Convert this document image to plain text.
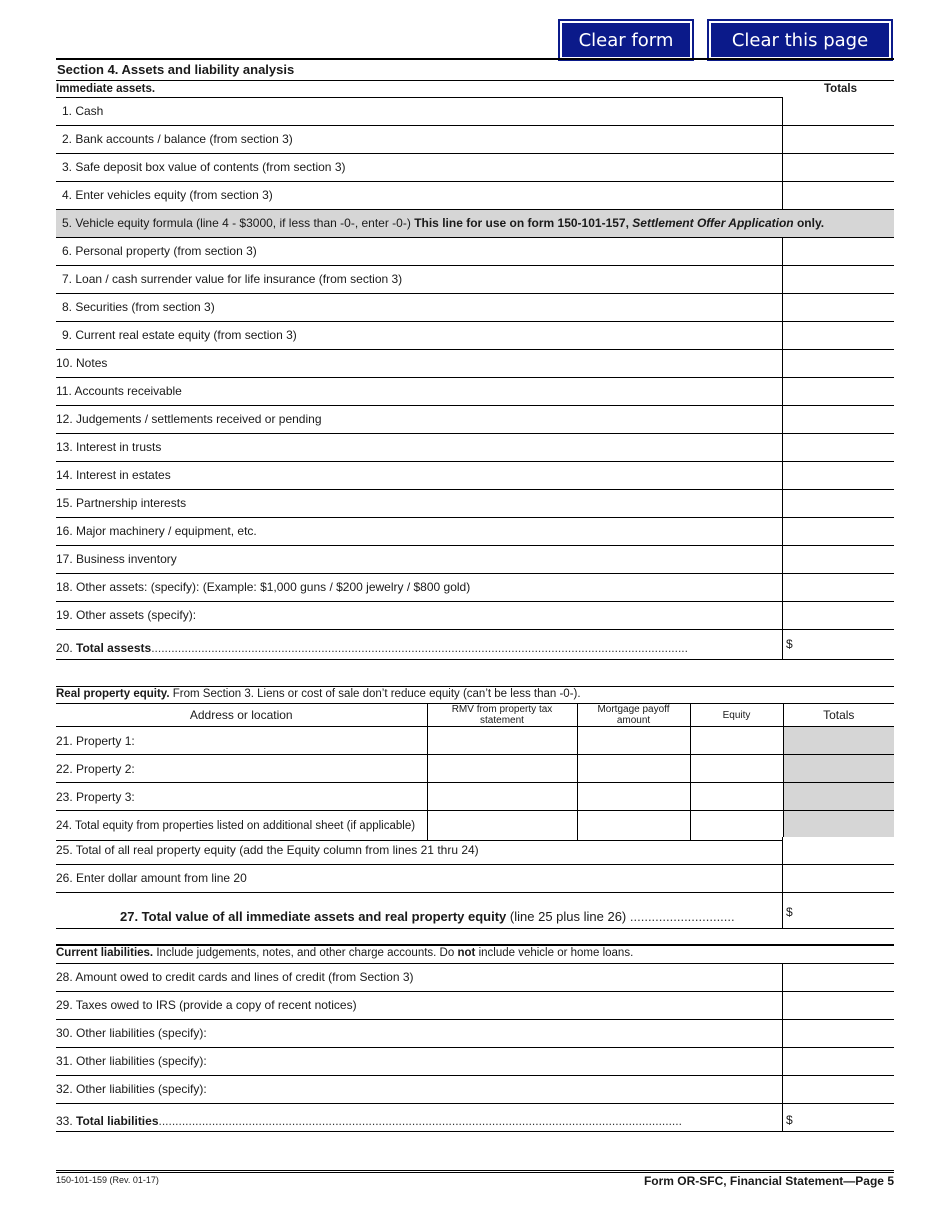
Clear form	Clear this page
Section 4. Assets and liability analysis
Immediate assets.	Totals
1. Cash
2. Bank accounts / balance (from section 3)
3. Safe deposit box value of contents (from section 3)
4. Enter vehicles equity (from section 3)
5. Vehicle equity formula (line 4 - $3000, if less than -0-, enter -0-) This line for use on form 150-101-157, Settlement Offer Application only.
6. Personal property (from section 3)
7. Loan / cash surrender value for life insurance (from section 3)
8. Securities (from section 3)
9. Current real estate equity (from section 3)
10. Notes
11. Accounts receivable
12. Judgements / settlements received or pending
13. Interest in trusts
14. Interest in estates
15. Partnership interests
16. Major machinery / equipment, etc.
17. Business inventory
18. Other assets: (specify): (Example: $1,000 guns / $200 jewelry / $800 gold)
19. Other assets (specify):
20. Total assests.................................................................................................................................................................	$
Real property equity. From Section 3. Liens or cost of sale don’t reduce equity (can’t be less than -0-).
Address or location	RMV from property tax statement	Mortgage payoff amount	Equity	Totals
21. Property 1:				
22. Property 2:				
23. Property 3:				
24. Total equity from properties listed on additional sheet (if applicable)				
25. Total of all real property equity (add the Equity column from lines 21 thru 24)
26. Enter dollar amount from line 20
27. Total value of all immediate assets and real property equity (line 25 plus line 26) .............................	$
Current liabilities. Include judgements, notes, and other charge accounts. Do not include vehicle or home loans.
28. Amount owed to credit cards and lines of credit (from Section 3)
29. Taxes owed to IRS (provide a copy of recent notices)
30. Other liabilities (specify):
31. Other liabilities (specify):
32. Other liabilities (specify):
33. Total liabilities.............................................................................................................................................................	$
150-101-159 (Rev. 01-17)	Form OR-SFC, Financial Statement—Page 5
